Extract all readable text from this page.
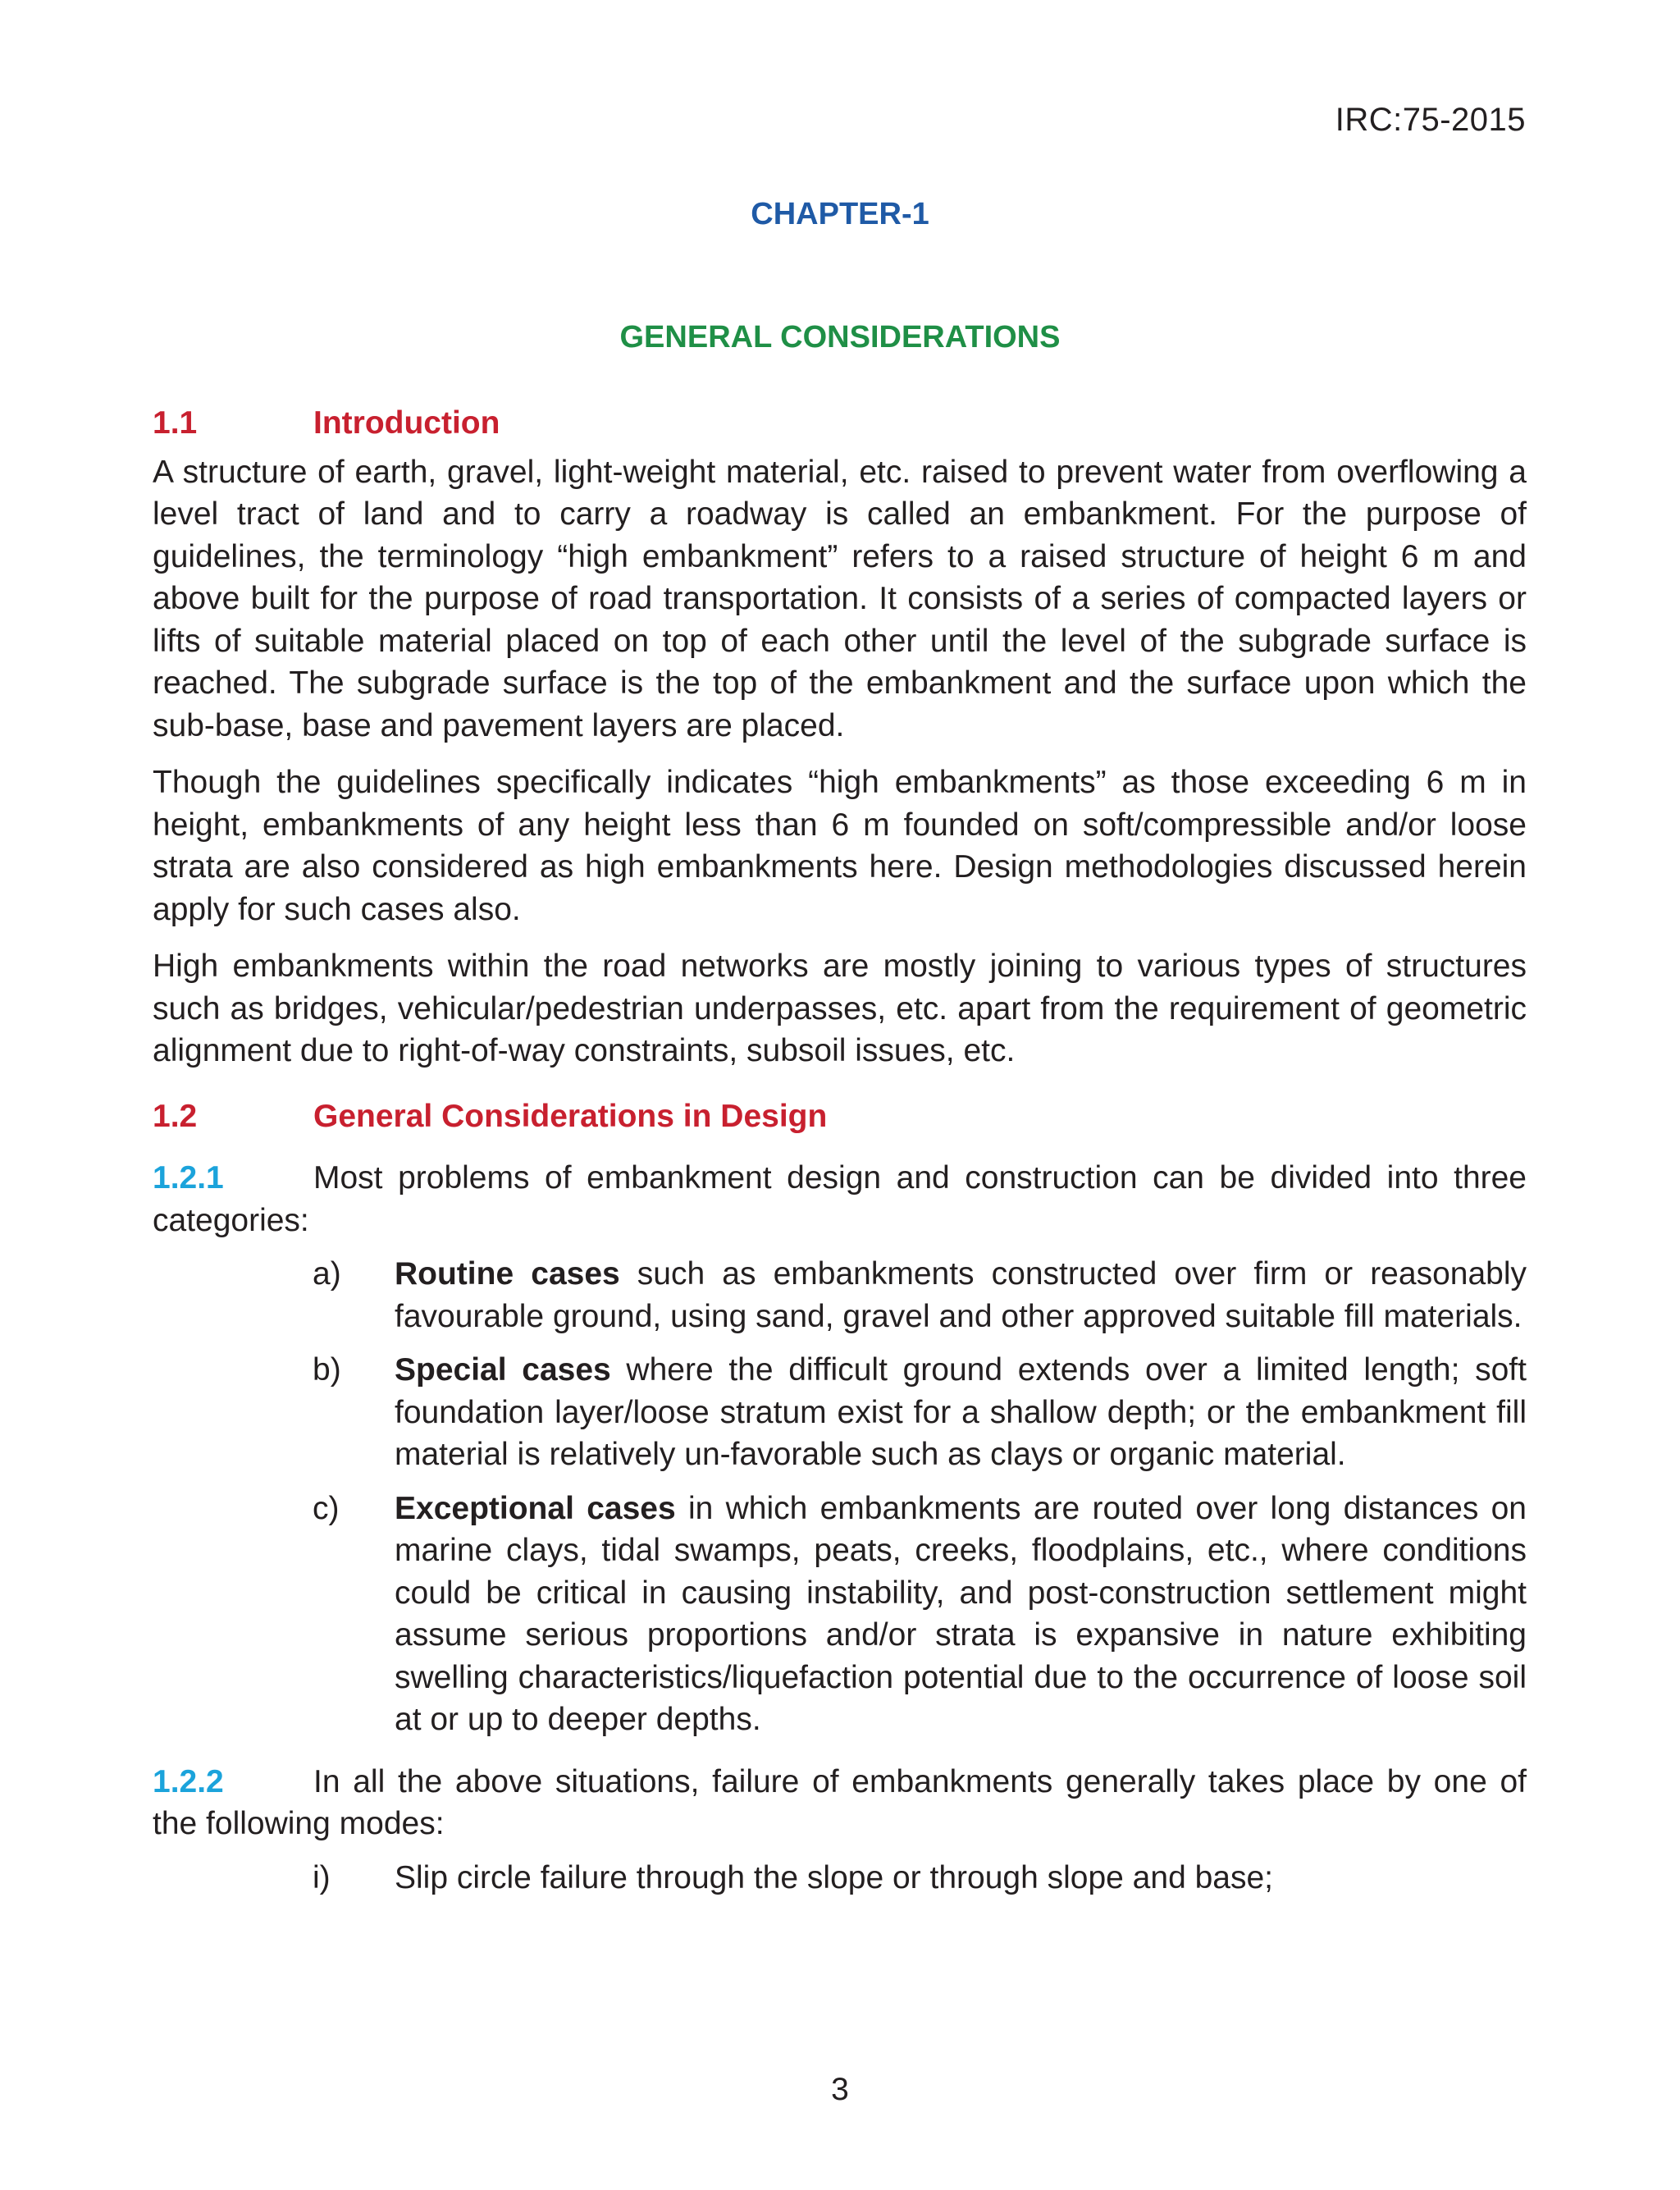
IRC:75-2015
CHAPTER-1
GENERAL CONSIDERATIONS
1.1	Introduction

A structure of earth, gravel, light-weight material, etc. raised to prevent water from overflowing a level tract of land and to carry a roadway is called an embankment. For the purpose of guidelines, the terminology “high embankment” refers to a raised structure of height 6 m and above built for the purpose of road transportation. It consists of a series of compacted layers or lifts of suitable material placed on top of each other until the level of the subgrade surface is reached. The subgrade surface is the top of the embankment and the surface upon which the sub-base, base and pavement layers are placed.

Though the guidelines specifically indicates “high embankments” as those exceeding 6 m in height, embankments of any height less than 6 m founded on soft/compressible and/or loose strata are also considered as high embankments here. Design methodologies discussed herein apply for such cases also.

High embankments within the road networks are mostly joining to various types of structures such as bridges, vehicular/pedestrian underpasses, etc. apart from the requirement of geometric alignment due to right-of-way constraints, subsoil issues, etc.

1.2	General Considerations in Design

1.2.1	Most problems of embankment design and construction can be divided into three categories:

a)	Routine cases such as embankments constructed over firm or reasonably favourable ground, using sand, gravel and other approved suitable fill materials.
b)	Special cases where the difficult ground extends over a limited length; soft foundation layer/loose stratum exist for a shallow depth; or the embankment fill material is relatively un-favorable such as clays or organic material.
c)	Exceptional cases in which embankments are routed over long distances on marine clays, tidal swamps, peats, creeks, floodplains, etc., where conditions could be critical in causing instability, and post-construction settlement might assume serious proportions and/or strata is expansive in nature exhibiting swelling characteristics/liquefaction potential due to the occurrence of loose soil at or up to deeper depths.

1.2.2	In all the above situations, failure of embankments generally takes place by one of the following modes:

i)	Slip circle failure through the slope or through slope and base;
3
